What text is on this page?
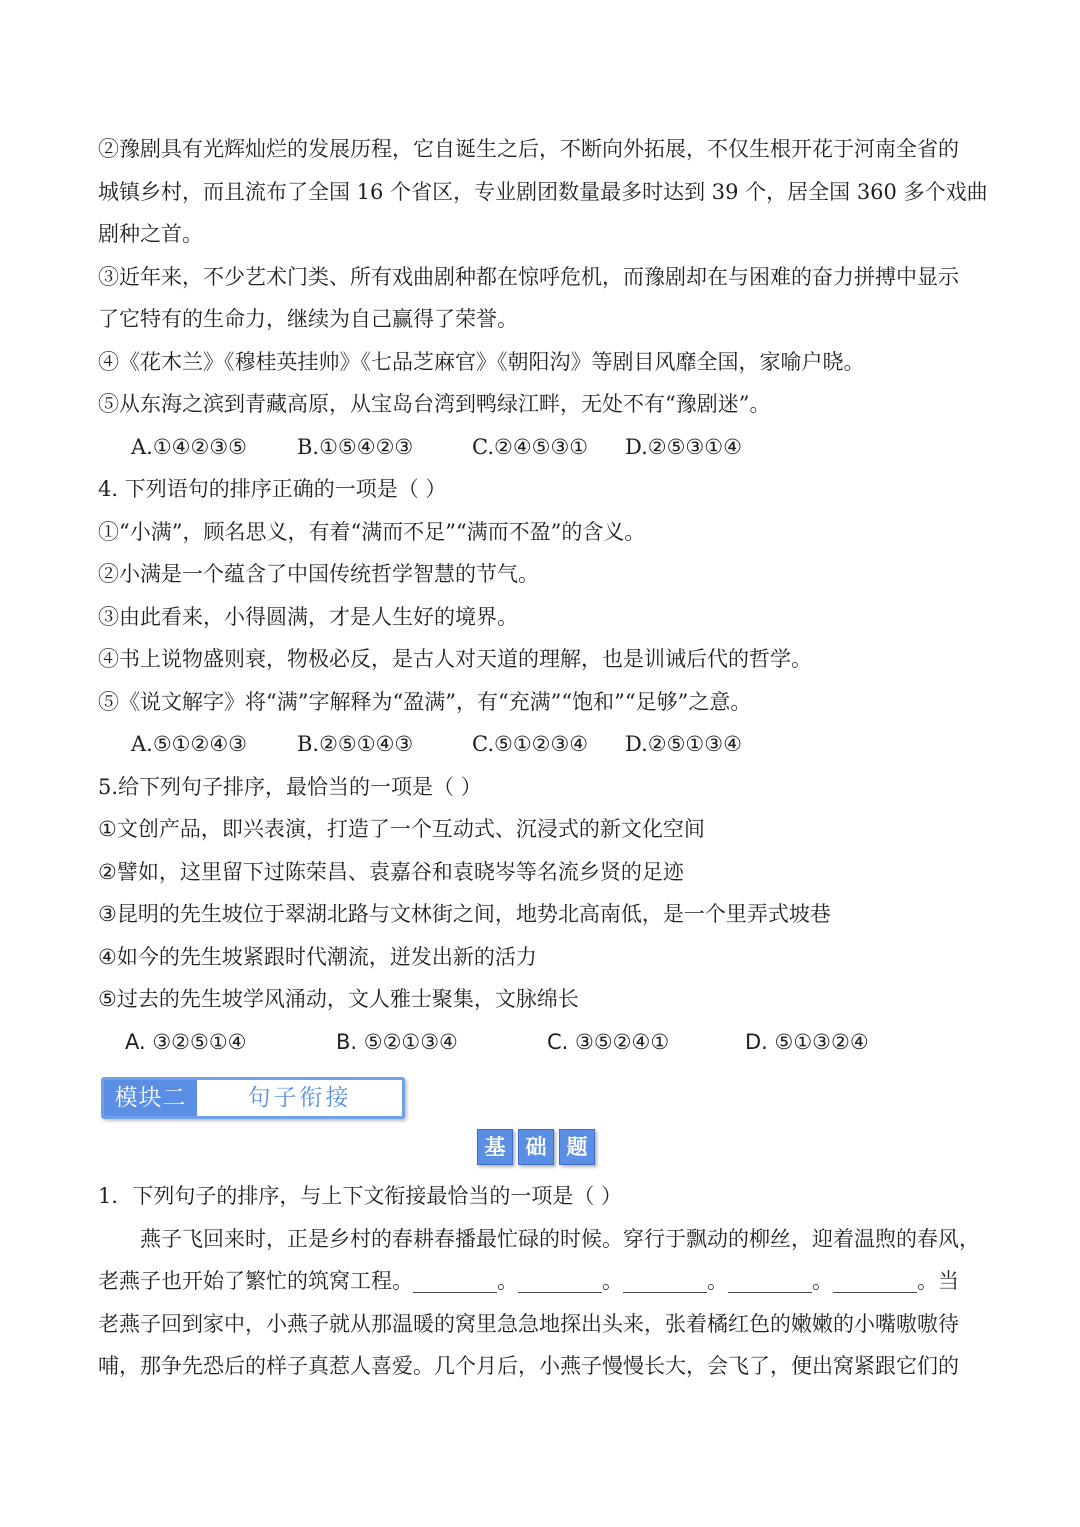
②豫剧具有光辉灿烂的发展历程，它自诞生之后，不断向外拓展，不仅生根开花于河南全省的
城镇乡村，而且流布了全国 16 个省区，专业剧团数量最多时达到 39 个，居全国 360 多个戏曲
剧种之首。
③近年来，不少艺术门类、所有戏曲剧种都在惊呼危机，而豫剧却在与困难的奋力拼搏中显示
了它特有的生命力，继续为自己赢得了荣誉。
④《花木兰》《穆桂英挂帅》《七品芝麻官》《朝阳沟》等剧目风靡全国，家喻户晓。
⑤从东海之滨到青藏高原，从宝岛台湾到鸭绿江畔，无处不有“豫剧迷”。
A.①④②③⑤ B.①⑤④②③	C.②④⑤③① D.②⑤③①④
4. 下列语句的排序正确的一项是（ ）
①“小满”，顾名思义，有着“满而不足”“满而不盈”的含义。
②小满是一个蕴含了中国传统哲学智慧的节气。
③由此看来，小得圆满，才是人生好的境界。
④书上说物盛则衰，物极必反，是古人对天道的理解，也是训诫后代的哲学。
⑤《说文解字》将“满”字解释为“盈满”，有“充满”“饱和”“足够”之意。
A.⑤①②④③ B.②⑤①④③	C.⑤①②③④ D.②⑤①③④
5.给下列句子排序，最恰当的一项是（ ）
①文创产品，即兴表演，打造了一个互动式、沉浸式的新文化空间
②譬如，这里留下过陈荣昌、袁嘉谷和袁晓岑等名流乡贤的足迹
③昆明的先生坡位于翠湖北路与文林街之间，地势北高南低，是一个里弄式坡巷
④如今的先生坡紧跟时代潮流，迸发出新的活力
⑤过去的先生坡学风涌动，文人雅士聚集，文脉绵长
A. ③②⑤①④	B. ⑤②①③④	C. ③⑤②④①	D. ⑤①③②④
模块二	句子衔接
基 础 题
1．下列句子的排序，与上下文衔接最恰当的一项是（ ）
　　燕子飞回来时，正是乡村的春耕春播最忙碌的时候。穿行于飘动的柳丝，迎着温煦的春风，
老燕子也开始了繁忙的筑窝工程。________。________。________。________。________。当
老燕子回到家中，小燕子就从那温暖的窝里急急地探出头来，张着橘红色的嫩嫩的小嘴嗷嗷待
哺，那争先恐后的样子真惹人喜爱。几个月后，小燕子慢慢长大，会飞了，便出窝紧跟它们的
